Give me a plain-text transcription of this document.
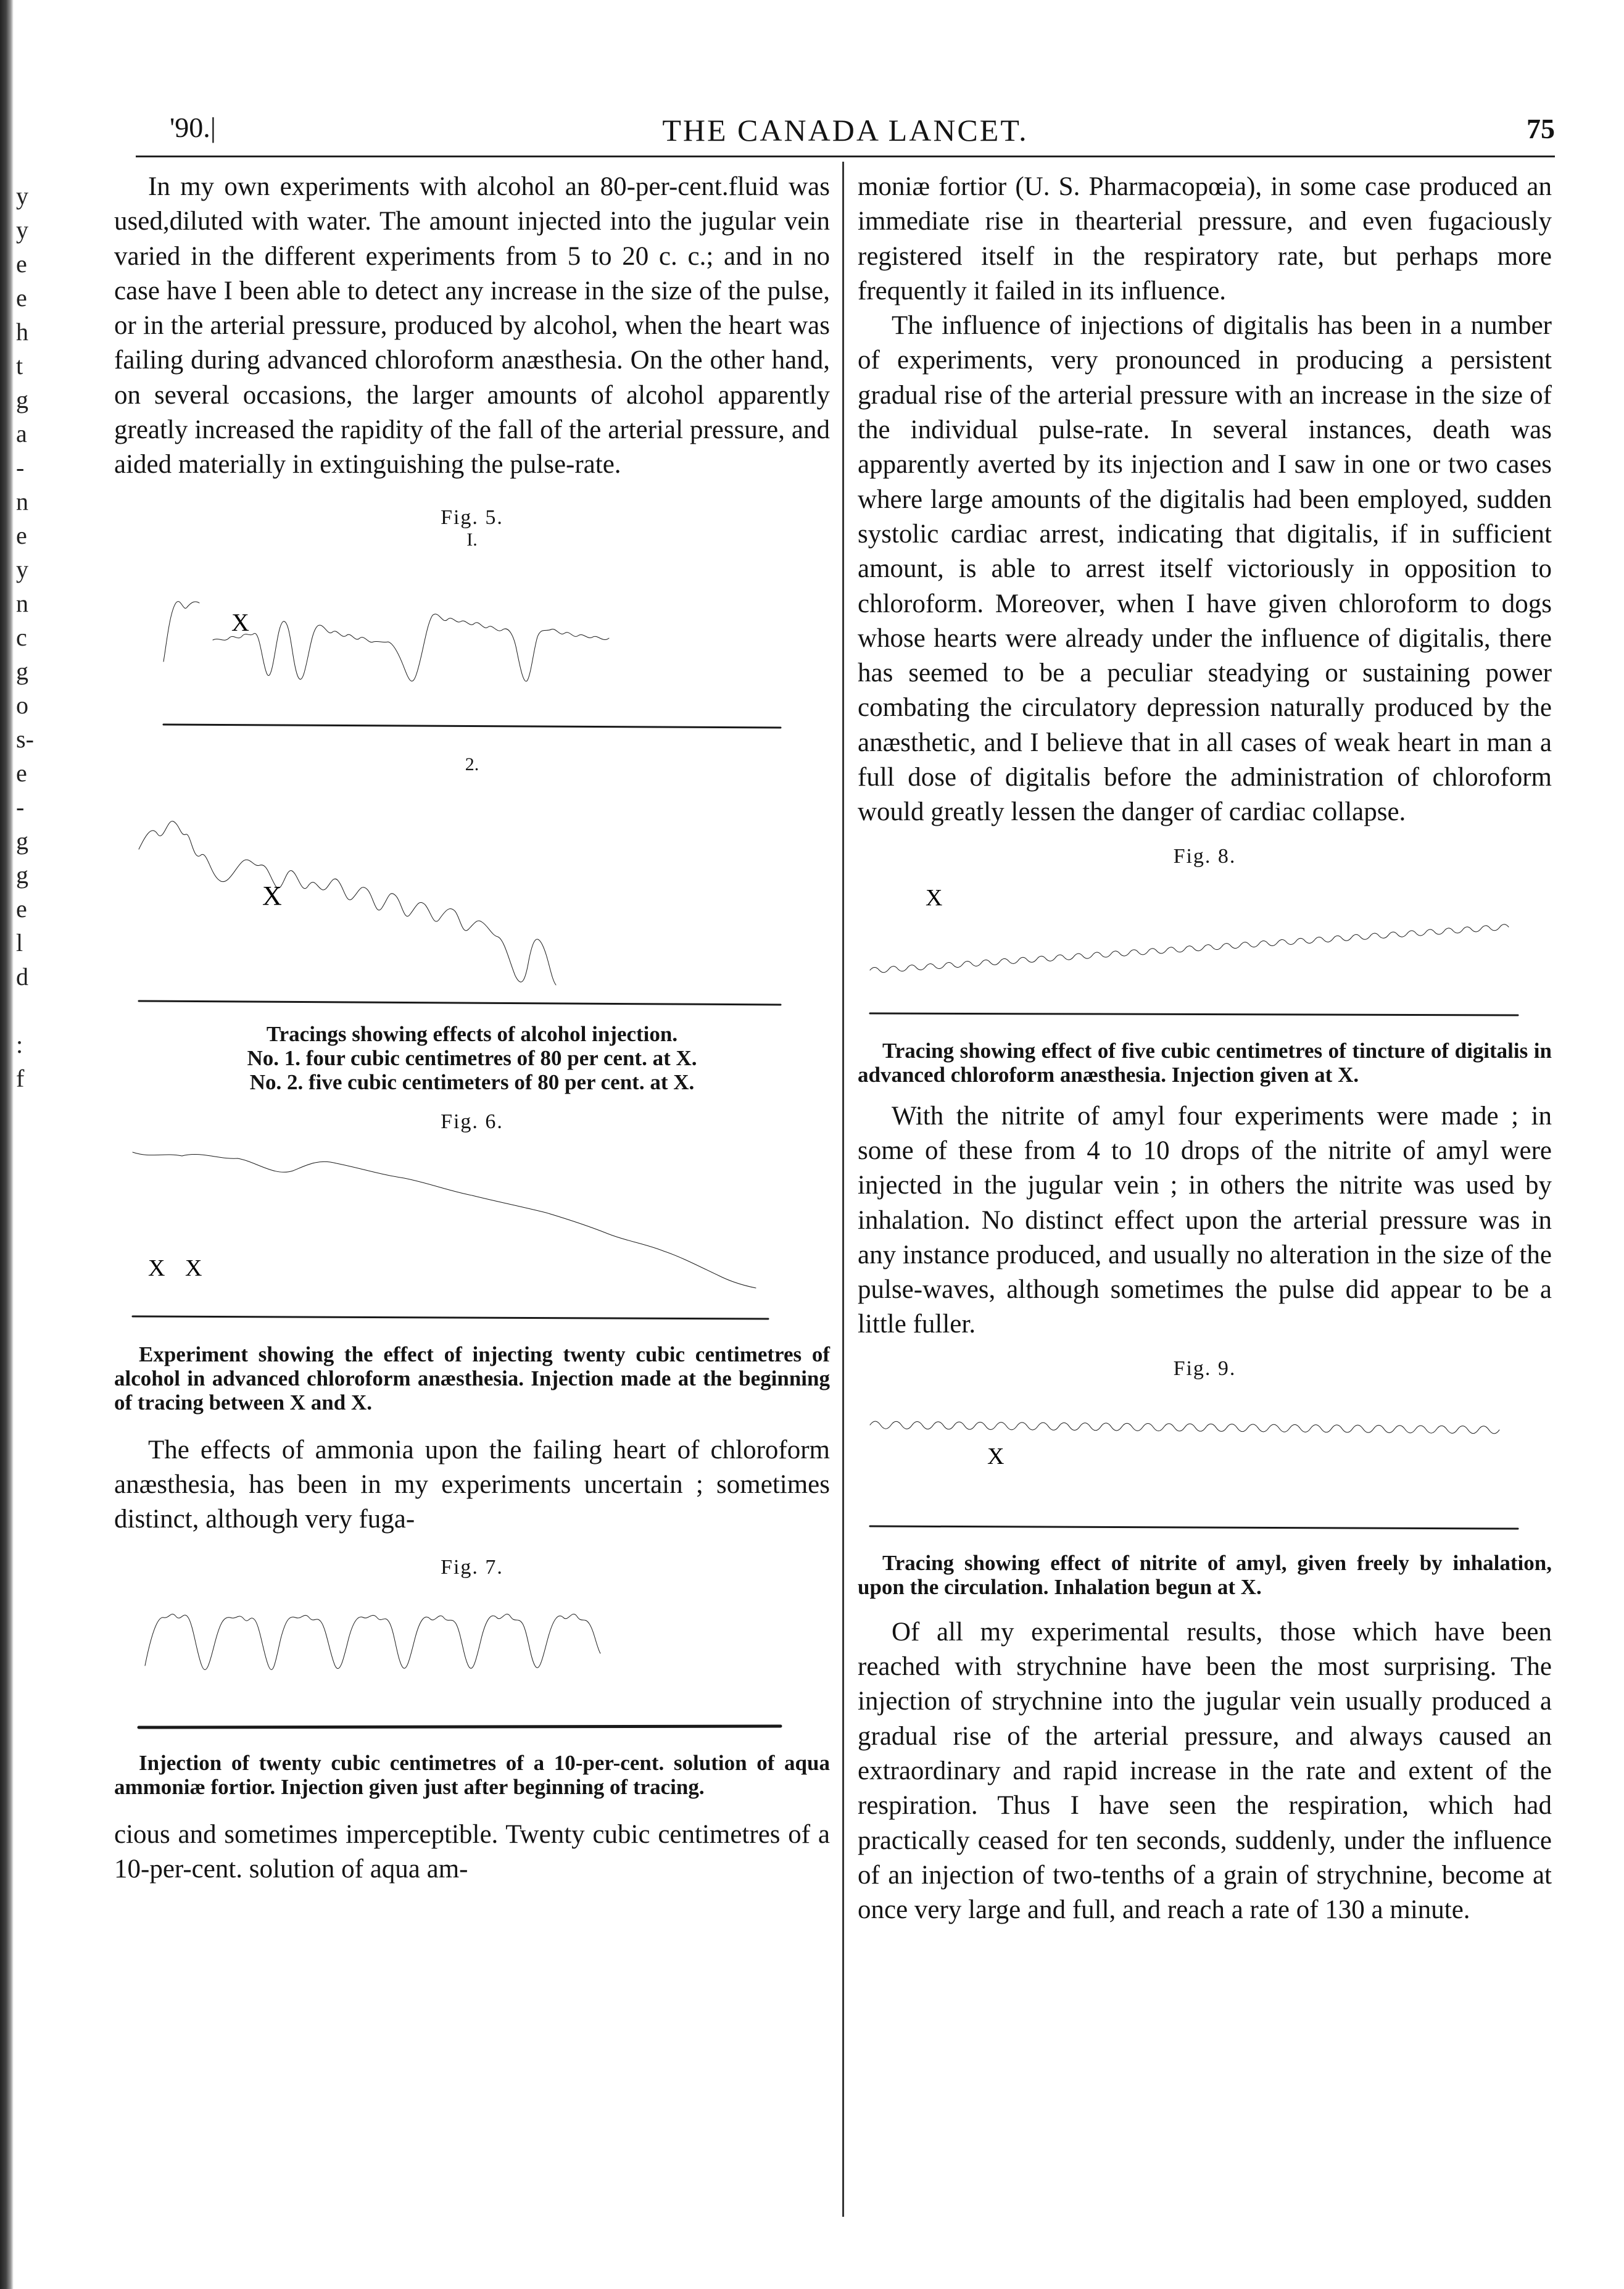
y
y
e
e
h
t
g
a
-
n
e
y
n
c
g
o
s-
e
-
g
g
e
l
d
:
f
'90.|	THE CANADA LANCET.	75

In my own experiments with alcohol an 80-per-cent.fluid was used,diluted with water. The amount injected into the jugular vein varied in the different experiments from 5 to 20 c. c.; and in no case have I been able to detect any increase in the size of the pulse, or in the arterial pressure, produced by alcohol, when the heart was failing during advanced chloroform anæsthesia. On the other hand, on several occasions, the larger amounts of alcohol apparently greatly increased the rapidity of the fall of the arterial pressure, and aided materially in extinguishing the pulse-rate.

Fig. 5.

I.

X

2.

X

Tracings showing effects of alcohol injection.

No. 1. four cubic centimetres of 80 per cent. at X.

No. 2. five cubic centimeters of 80 per cent. at X.

Fig. 6.

X X

Experiment showing the effect of injecting twenty cubic centimetres of alcohol in advanced chloroform anæsthesia. Injection made at the beginning of tracing between X and X.

The effects of ammonia upon the failing heart of chloroform anæsthesia, has been in my experiments uncertain ; sometimes distinct, although very fuga-

Fig. 7.

Injection of twenty cubic centimetres of a 10-per-cent. solution of aqua ammoniæ fortior. Injection given just after beginning of tracing.

cious and sometimes imperceptible. Twenty cubic centimetres of a 10-per-cent. solution of aqua am-

moniæ fortior (U. S. Pharmacopœia), in some case produced an immediate rise in thearterial pressure, and even fugaciously registered itself in the respiratory rate, but perhaps more frequently it failed in its influence.

The influence of injections of digitalis has been in a number of experiments, very pronounced in producing a persistent gradual rise of the arterial pressure with an increase in the size of the individual pulse-rate. In several instances, death was apparently averted by its injection and I saw in one or two cases where large amounts of the digitalis had been employed, sudden systolic cardiac arrest, indicating that digitalis, if in sufficient amount, is able to arrest itself victoriously in opposition to chloroform. Moreover, when I have given chloroform to dogs whose hearts were already under the influence of digitalis, there has seemed to be a peculiar steadying or sustaining power combating the circulatory depression naturally produced by the anæsthetic, and I believe that in all cases of weak heart in man a full dose of digitalis before the administration of chloroform would greatly lessen the danger of cardiac collapse.

Fig. 8.

X

Tracing showing effect of five cubic centimetres of tincture of digitalis in advanced chloroform anæsthesia. Injection given at X.

With the nitrite of amyl four experiments were made ; in some of these from 4 to 10 drops of the nitrite of amyl were injected in the jugular vein ; in others the nitrite was used by inhalation. No distinct effect upon the arterial pressure was in any instance produced, and usually no alteration in the size of the pulse-waves, although sometimes the pulse did appear to be a little fuller.

Fig. 9.

X

Tracing showing effect of nitrite of amyl, given freely by inhalation, upon the circulation. Inhalation begun at X.

Of all my experimental results, those which have been reached with strychnine have been the most surprising. The injection of strychnine into the jugular vein usually produced a gradual rise of the arterial pressure, and always caused an extraordinary and rapid increase in the rate and extent of the respiration. Thus I have seen the respiration, which had practically ceased for ten seconds, suddenly, under the influence of an injection of two-tenths of a grain of strychnine, become at once very large and full, and reach a rate of 130 a minute.
